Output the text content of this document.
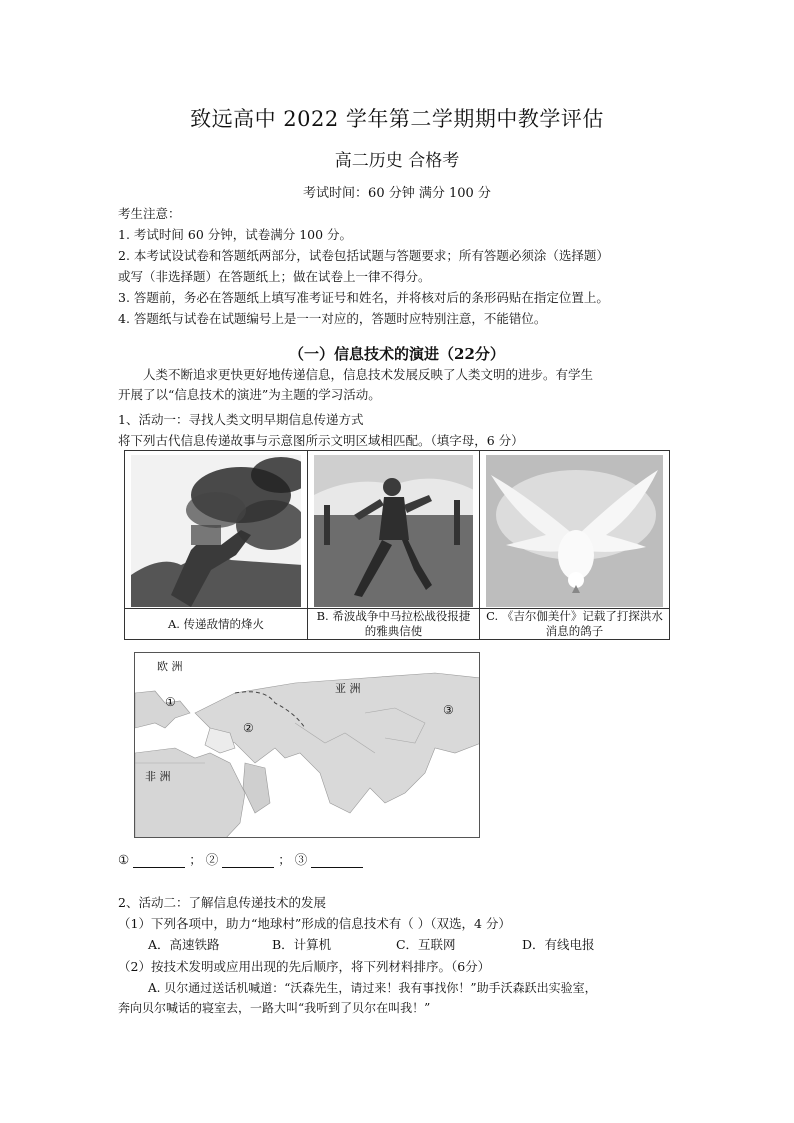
致远高中 2022 学年第二学期期中教学评估
高二历史 合格考
考试时间：60 分钟 满分 100 分
考生注意：
1. 考试时间 60 分钟，试卷满分 100 分。
2. 本考试设试卷和答题纸两部分，试卷包括试题与答题要求；所有答题必须涂（选择题）
或写（非选择题）在答题纸上；做在试卷上一律不得分。
3. 答题前，务必在答题纸上填写准考证号和姓名，并将核对后的条形码贴在指定位置上。
4. 答题纸与试卷在试题编号上是一一对应的，答题时应特别注意，不能错位。
（一）信息技术的演进（22分）
人类不断追求更快更好地传递信息，信息技术发展反映了人类文明的进步。有学生
开展了以“信息技术的演进”为主题的学习活动。
1、活动一：寻找人类文明早期信息传递方式
将下列古代信息传递故事与示意图所示文明区域相匹配。（填字母，6 分）
A. 传递敌情的烽火
B. 希波战争中马拉松战役报捷的雅典信使
C. 《吉尔伽美什》记载了打探洪水消息的鸽子
欧 洲
亚 洲
非 洲
①
②
③
①	； ②	； ③
2、活动二：了解信息传递技术的发展
（1）下列各项中，助力“地球村”形成的信息技术有（ ）（双选，4 分）
A．高速铁路	B．计算机	C．互联网	D．有线电报
（2）按技术发明或应用出现的先后顺序，将下列材料排序。（6分）
A. 贝尔通过送话机喊道：“沃森先生，请过来！我有事找你！”助手沃森跃出实验室，
奔向贝尔喊话的寝室去，一路大叫“我听到了贝尔在叫我！”
